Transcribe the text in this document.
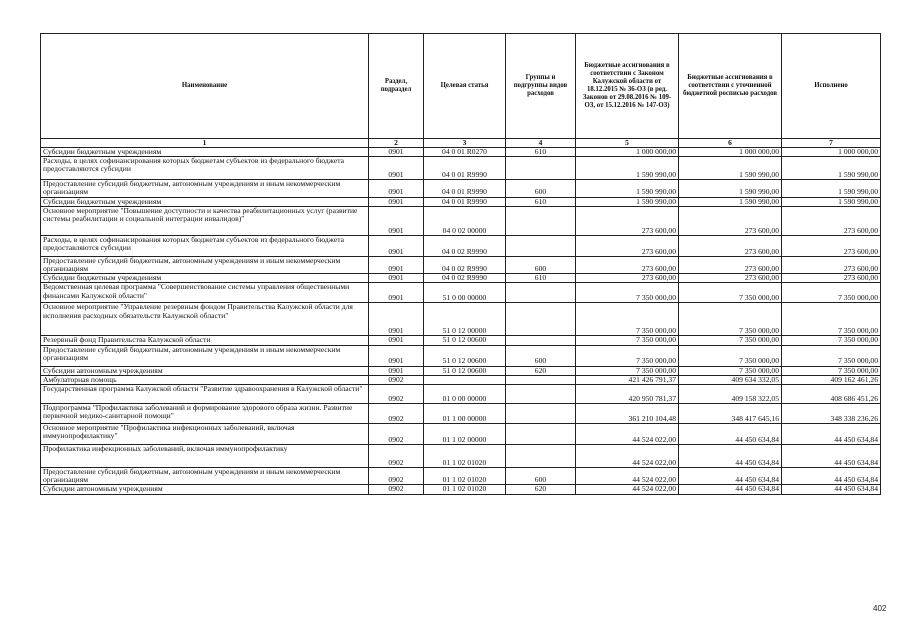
Наименование	Раздел, подраздел	Целевая статья	Группы и подгруппы видов расходов	Бюджетные ассигнования в соответствии с Законом Калужской области от 18.12.2015 № 36-ОЗ (в ред. Законов от 29.08.2016 № 109-ОЗ, от 15.12.2016 № 147-ОЗ)	Бюджетные ассигнования в соответствии с уточненной бюджетной росписью расходов	Исполнено
1	2	3	4	5	6	7
Субсидии бюджетным учреждениям	0901	04 0 01 R0270	610	1 000 000,00	1 000 000,00	1 000 000,00
Расходы, в целях софинансирования которых бюджетам субъектов из федерального бюджета предоставляются субсидии	0901	04 0 01 R9990		1 590 990,00	1 590 990,00	1 590 990,00
Предоставление субсидий бюджетным, автономным учреждениям и иным некоммерческим организациям	0901	04 0 01 R9990	600	1 590 990,00	1 590 990,00	1 590 990,00
Субсидии бюджетным учреждениям	0901	04 0 01 R9990	610	1 590 990,00	1 590 990,00	1 590 990,00
Основное мероприятие "Повышение доступности и качества реабилитационных услуг (развитие системы реабилитации и социальной интеграции инвалидов)"	0901	04 0 02 00000		273 600,00	273 600,00	273 600,00
Расходы, в целях софинансирования которых бюджетам субъектов из федерального бюджета предоставляются субсидии	0901	04 0 02 R9990		273 600,00	273 600,00	273 600,00
Предоставление субсидий бюджетным, автономным учреждениям и иным некоммерческим организациям	0901	04 0 02 R9990	600	273 600,00	273 600,00	273 600,00
Субсидии бюджетным учреждениям	0901	04 0 02 R9990	610	273 600,00	273 600,00	273 600,00
Ведомственная целевая программа "Совершенствование системы управления общественными финансами Калужской области"	0901	51 0 00 00000		7 350 000,00	7 350 000,00	7 350 000,00
Основное мероприятие "Управление резервным фондом Правительства Калужской области для исполнения расходных обязательств Калужской области"	0901	51 0 12 00000		7 350 000,00	7 350 000,00	7 350 000,00
Резервный фонд Правительства Калужской области	0901	51 0 12 00600		7 350 000,00	7 350 000,00	7 350 000,00
Предоставление субсидий бюджетным, автономным учреждениям и иным некоммерческим организациям	0901	51 0 12 00600	600	7 350 000,00	7 350 000,00	7 350 000,00
Субсидии автономным учреждениям	0901	51 0 12 00600	620	7 350 000,00	7 350 000,00	7 350 000,00
Амбулаторная помощь	0902			421 426 791,37	409 634 332,05	409 162 461,26
Государственная программа Калужской области "Развитие здравоохранения в Калужской области"	0902	01 0 00 00000		420 950 781,37	409 158 322,05	408 686 451,26
Подпрограмма "Профилактика заболеваний и формирование здорового образа жизни. Развитие первичной медико-санитарной помощи"	0902	01 1 00 00000		361 210 104,48	348 417 645,16	348 338 236,26
Основное мероприятие "Профилактика инфекционных заболеваний, включая иммунопрофилактику"	0902	01 1 02 00000		44 524 022,00	44 450 634,84	44 450 634,84
Профилактика инфекционных заболеваний, включая иммунопрофилактику	0902	01 1 02 01020		44 524 022,00	44 450 634,84	44 450 634,84
Предоставление субсидий бюджетным, автономным учреждениям и иным некоммерческим организациям	0902	01 1 02 01020	600	44 524 022,00	44 450 634,84	44 450 634,84
Субсидии автономным учреждениям	0902	01 1 02 01020	620	44 524 022,00	44 450 634,84	44 450 634,84
402
